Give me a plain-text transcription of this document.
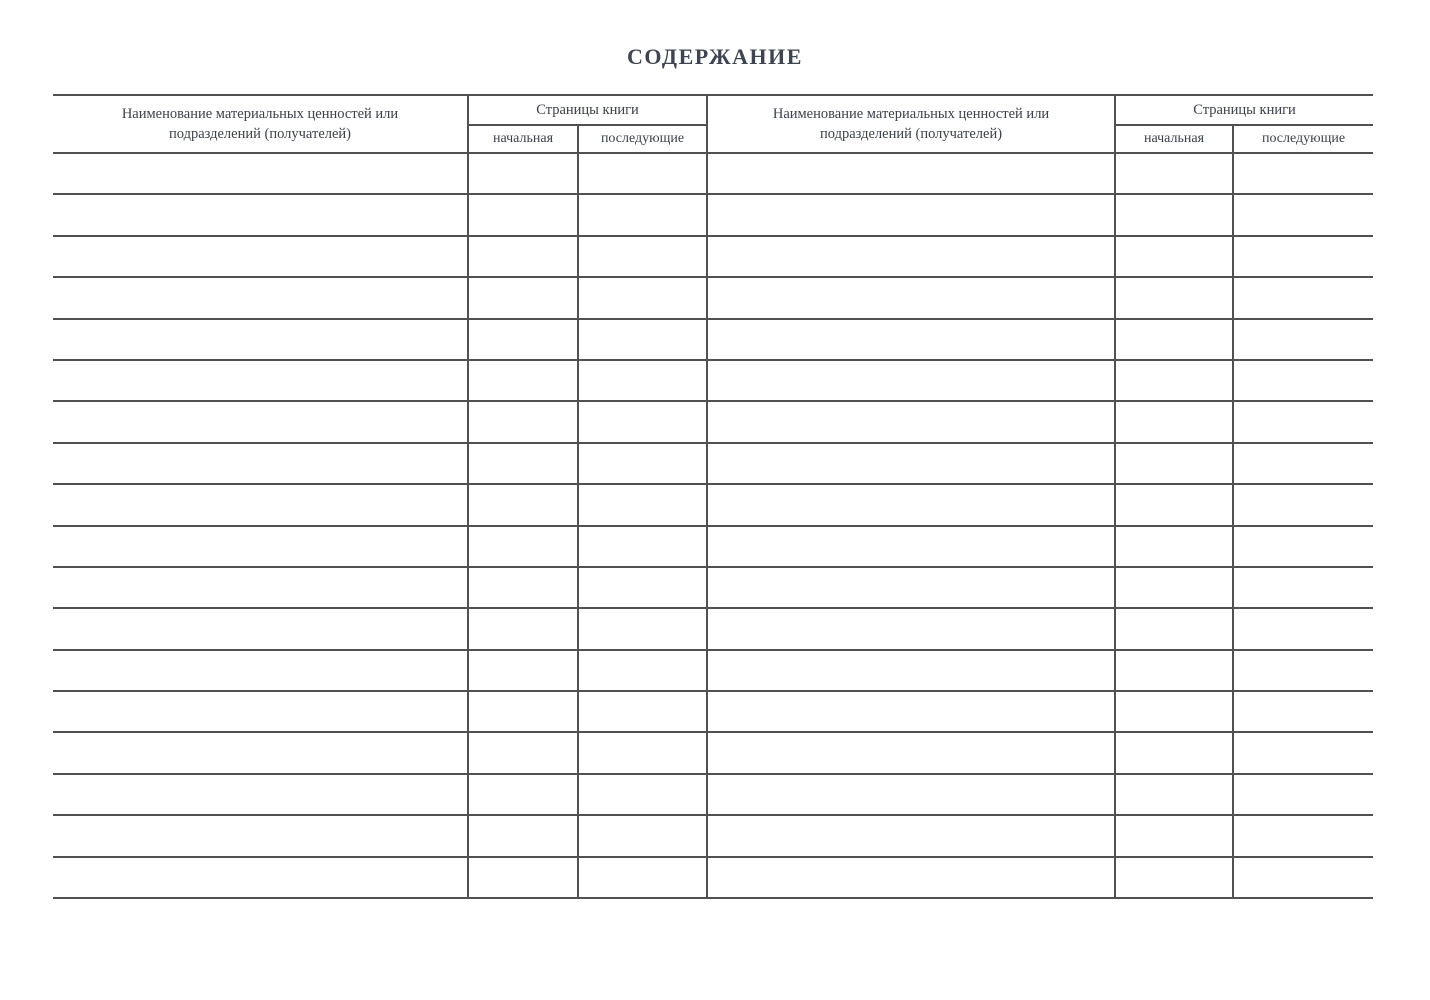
СОДЕРЖАНИЕ
Наименование материальных ценностей или подразделений (получателей)	Страницы книги		Наименование материальных ценностей или подразделений (получателей)	Страницы книги	
	начальная	последующие		начальная	последующие
